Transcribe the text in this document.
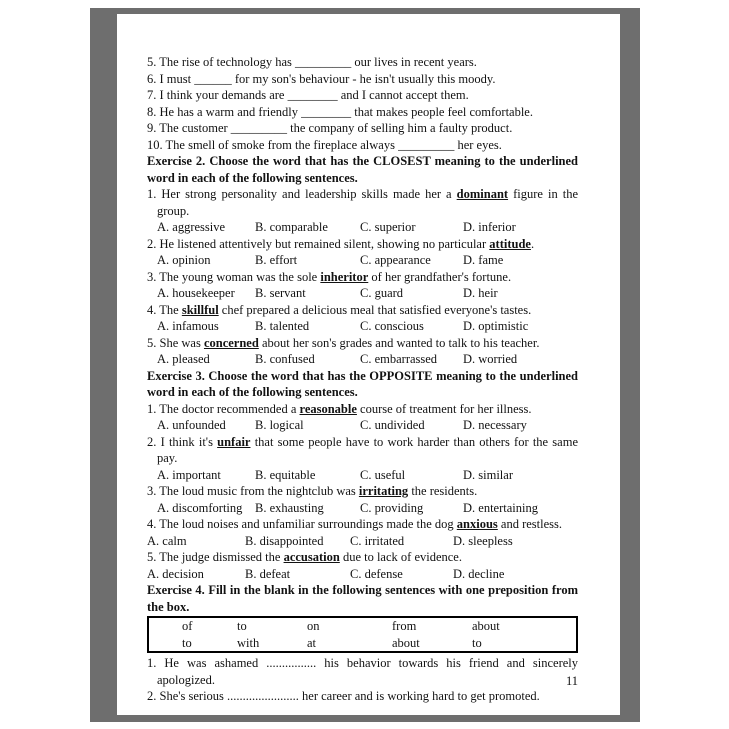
5. The rise of technology has _________ our lives in recent years.

6. I must ______ for my son's behaviour - he isn't usually this moody.

7. I think your demands are ________ and I cannot accept them.

8. He has a warm and friendly ________ that makes people feel comfortable.

9. The customer _________ the company of selling him a faulty product.

10. The smell of smoke from the fireplace always _________ her eyes.

Exercise 2. Choose the word that has the CLOSEST meaning to the underlined word in each of the following sentences.

1. Her strong personality and leadership skills made her a dominant figure in the group.

A. aggressive	B. comparable	C. superior	D. inferior

2. He listened attentively but remained silent, showing no particular attitude.

A. opinion	B. effort	C. appearance	D. fame

3. The young woman was the sole inheritor of her grandfather's fortune.

A. housekeeper	B. servant	C. guard	D. heir

4. The skillful chef prepared a delicious meal that satisfied everyone's tastes.

A. infamous	B. talented	C. conscious	D. optimistic

5. She was concerned about her son's grades and wanted to talk to his teacher.

A. pleased	B. confused	C. embarrassed	D. worried

Exercise 3. Choose the word that has the OPPOSITE meaning to the underlined word in each of the following sentences.

1. The doctor recommended a reasonable course of treatment for her illness.

A. unfounded	B. logical	C. undivided	D. necessary

2. I think it's unfair that some people have to work harder than others for the same pay.

A. important	B. equitable	C. useful	D. similar

3. The loud music from the nightclub was irritating the residents.

A. discomforting	B. exhausting	C. providing	D. entertaining

4. The loud noises and unfamiliar surroundings made the dog anxious and restless.

A. calm	B. disappointed	C. irritated	D. sleepless

5. The judge dismissed the accusation due to lack of evidence.

A. decision	B. defeat	C. defense	D. decline

Exercise 4. Fill in the blank in the following sentences with one preposition from the box.

of	to	on	from	about
to	with	at	about	to

1. He was ashamed ................ his behavior towards his friend and sincerely apologized.

2. She's serious ....................... her career and is working hard to get promoted.

11
